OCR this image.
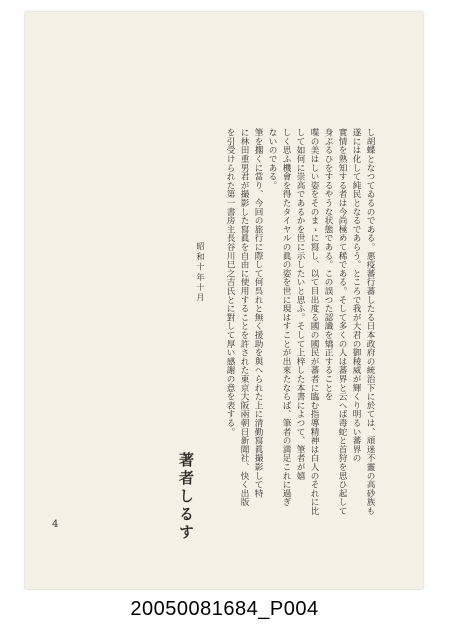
し胡蝶となつてゐるのである。悪疫蕃行蕃したる日本政府の統治下に於ては、頑迷不靈の高砂族も
遂には化して純民となるであらう。ところで我が大君の御稜威が輝くり明るい蕃界の
實情を熟知する者は今尚極めて稀である。そして多くの人は蕃界と云へば毒蛇と首狩を思ひ起して
身ぶるひをするやうな状態である。この誤つた認識を矯正することを
喋の美はしい姿をそのまゝに寫し、以て目出度る國の國民が蕃者に臨む指導精神は白人のそれに比
して如何に崇高であるかを世に示したいと思ふ。そして上梓した本書によつて、筆者が嬉
しく思ふ機會を得たタイヤルの眞の姿を世に現はすことが出來たならば、筆者の満足これに過ぎ
ないのである。
筆を擱くに當り、今回の旅行に際して何呉れと無く援助を與へられた上に清勤寫眞撮影して特
に林田重男君が撮影した寫眞を自由に使用することを許された東京大阪兩朝日新聞社、快く出版
を引受けられた第一書房主長谷川巳之吉氏とに對して厚い感謝の意を表する。
昭和十年十月
著者しるす
4
20050081684_P004
